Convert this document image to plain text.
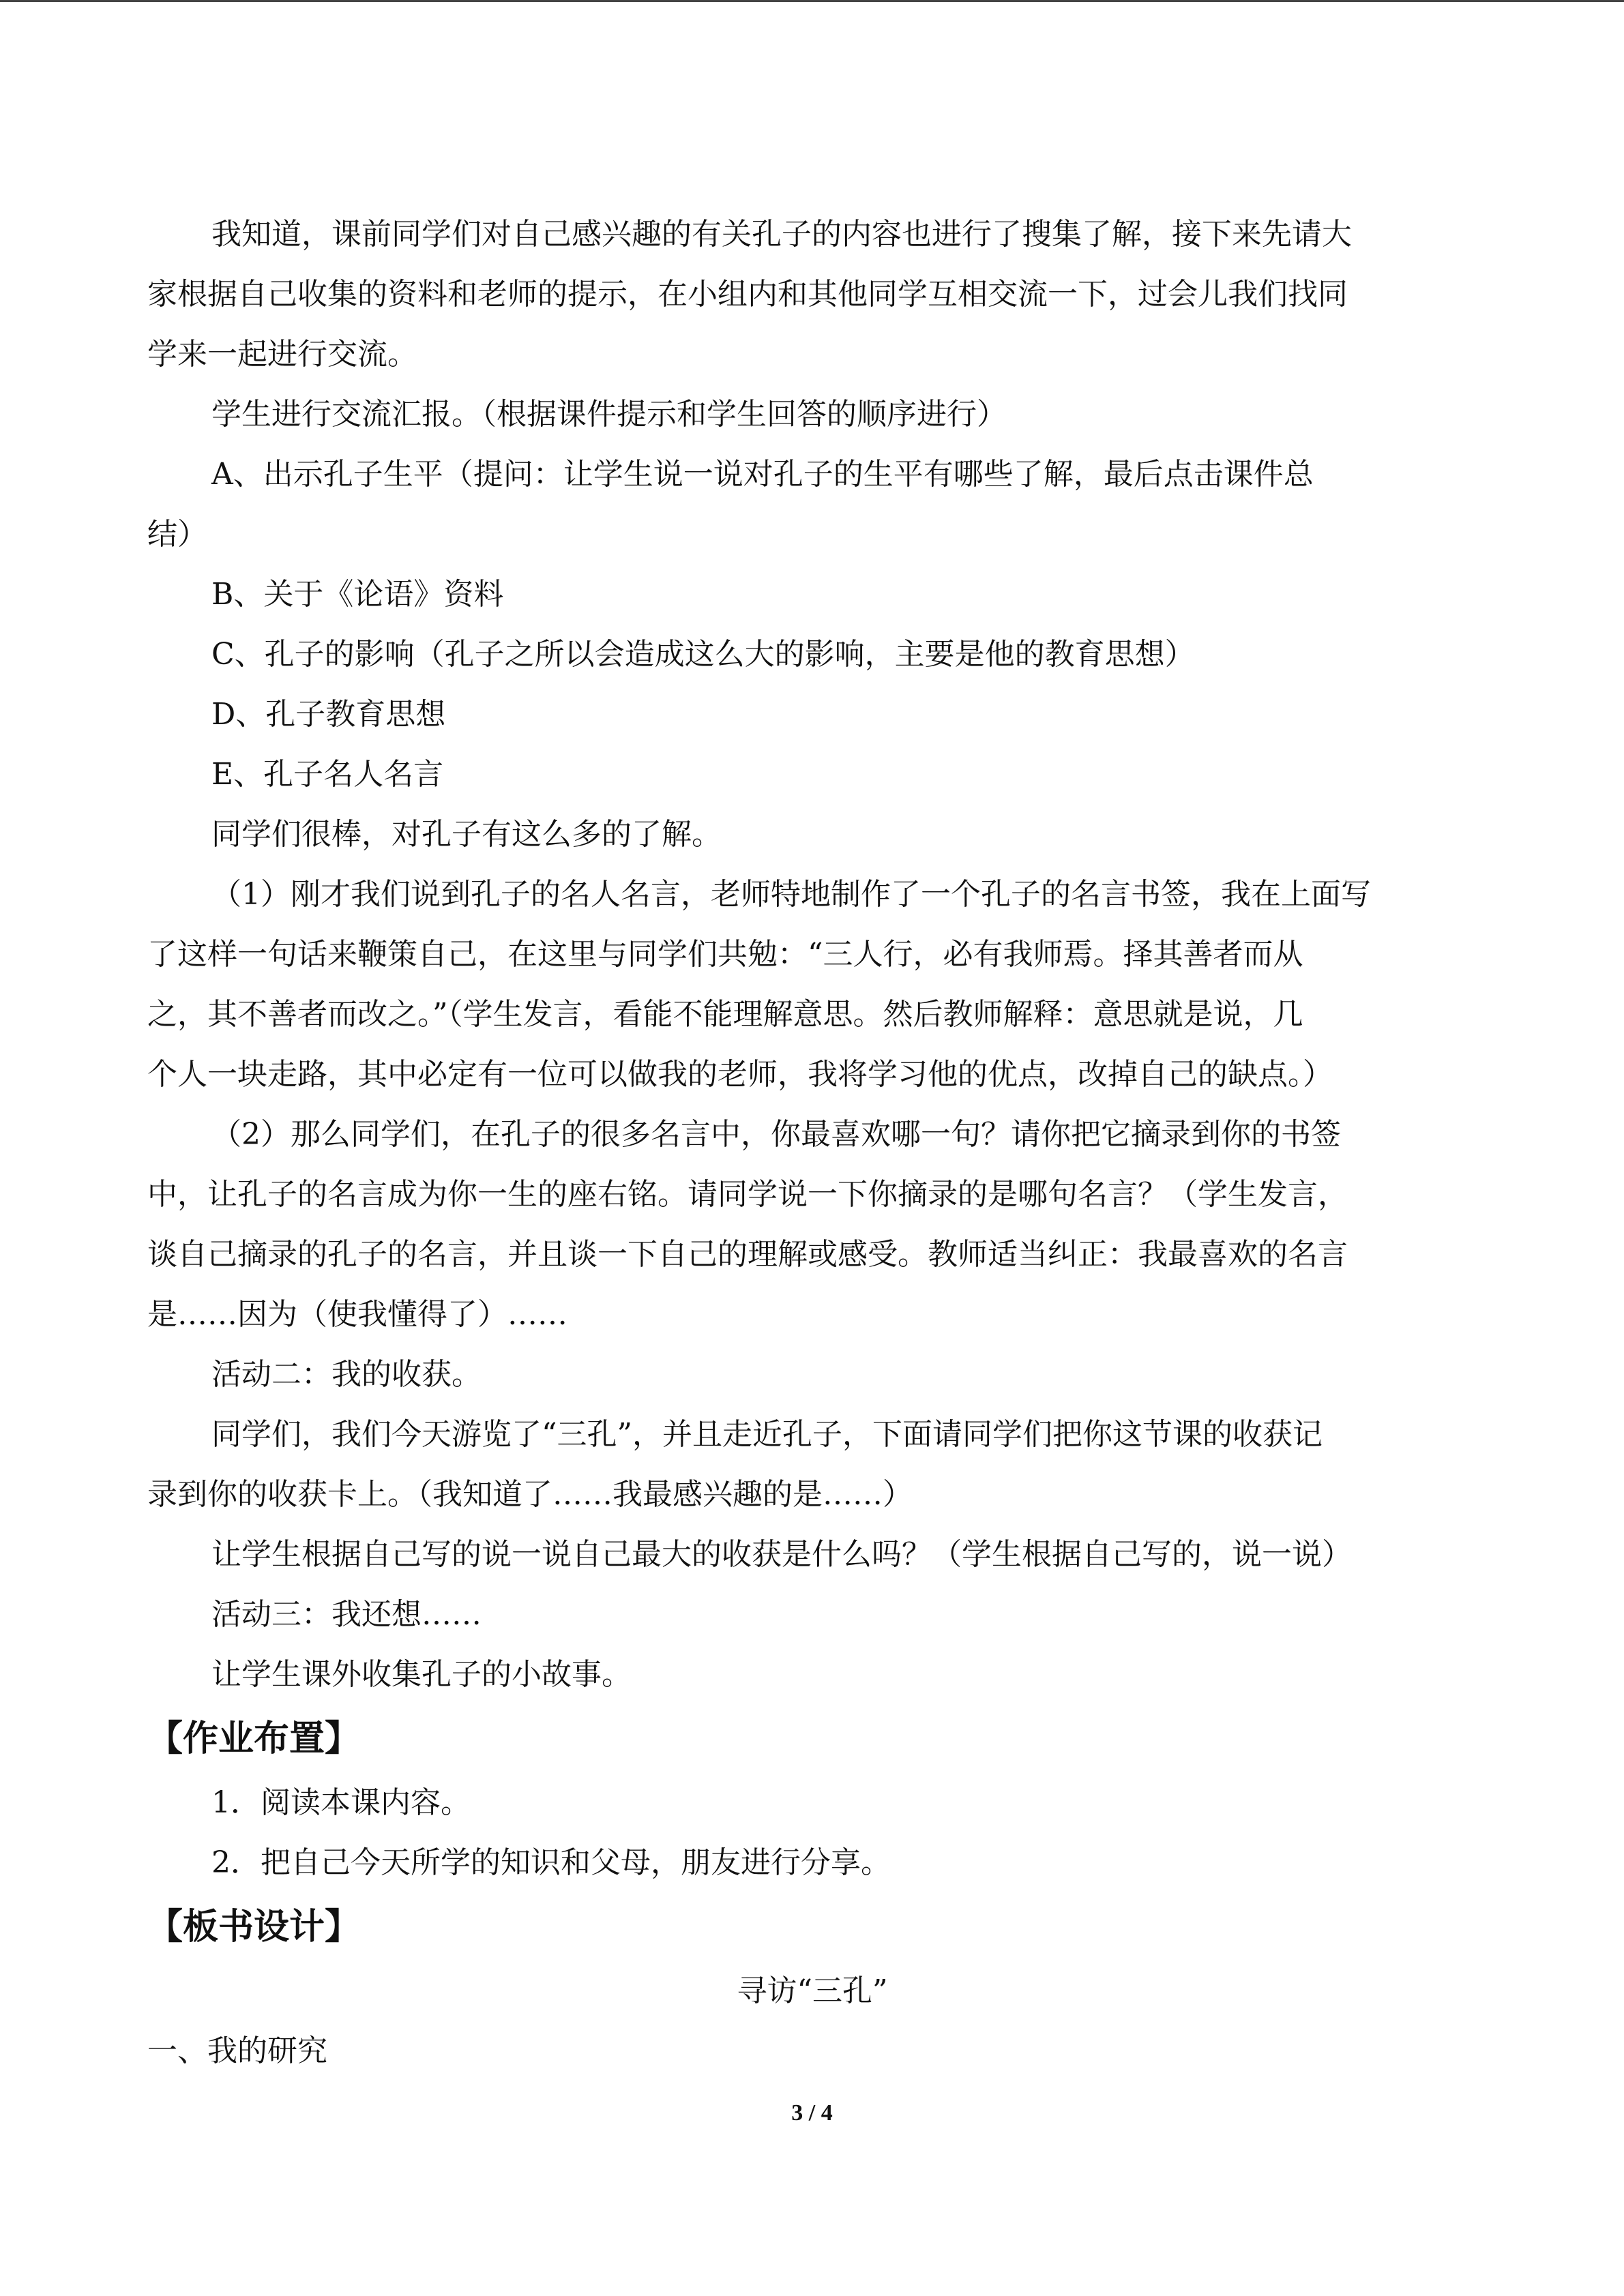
我知道，课前同学们对自己感兴趣的有关孔子的内容也进行了搜集了解，接下来先请大

家根据自己收集的资料和老师的提示，在小组内和其他同学互相交流一下，过会儿我们找同

学来一起进行交流。

学生进行交流汇报。（根据课件提示和学生回答的顺序进行）

A、出示孔子生平（提问：让学生说一说对孔子的生平有哪些了解，最后点击课件总

结）

B、关于《论语》资料

C、孔子的影响（孔子之所以会造成这么大的影响，主要是他的教育思想）

D、孔子教育思想

E、孔子名人名言

同学们很棒，对孔子有这么多的了解。

（1）刚才我们说到孔子的名人名言，老师特地制作了一个孔子的名言书签，我在上面写

了这样一句话来鞭策自己，在这里与同学们共勉：“三人行，必有我师焉。择其善者而从

之，其不善者而改之。”（学生发言，看能不能理解意思。然后教师解释：意思就是说，几

个人一块走路，其中必定有一位可以做我的老师，我将学习他的优点，改掉自己的缺点。）

（2）那么同学们，在孔子的很多名言中，你最喜欢哪一句？请你把它摘录到你的书签

中，让孔子的名言成为你一生的座右铭。请同学说一下你摘录的是哪句名言？（学生发言，

谈自己摘录的孔子的名言，并且谈一下自己的理解或感受。教师适当纠正：我最喜欢的名言

是……因为（使我懂得了）……

活动二：我的收获。

同学们，我们今天游览了“三孔”，并且走近孔子，下面请同学们把你这节课的收获记

录到你的收获卡上。（我知道了……我最感兴趣的是……）

让学生根据自己写的说一说自己最大的收获是什么吗？（学生根据自己写的，说一说）

活动三：我还想……

让学生课外收集孔子的小故事。

【作业布置】

1．阅读本课内容。

2．把自己今天所学的知识和父母，朋友进行分享。

【板书设计】

寻访“三孔”

一、我的研究

3 / 4
